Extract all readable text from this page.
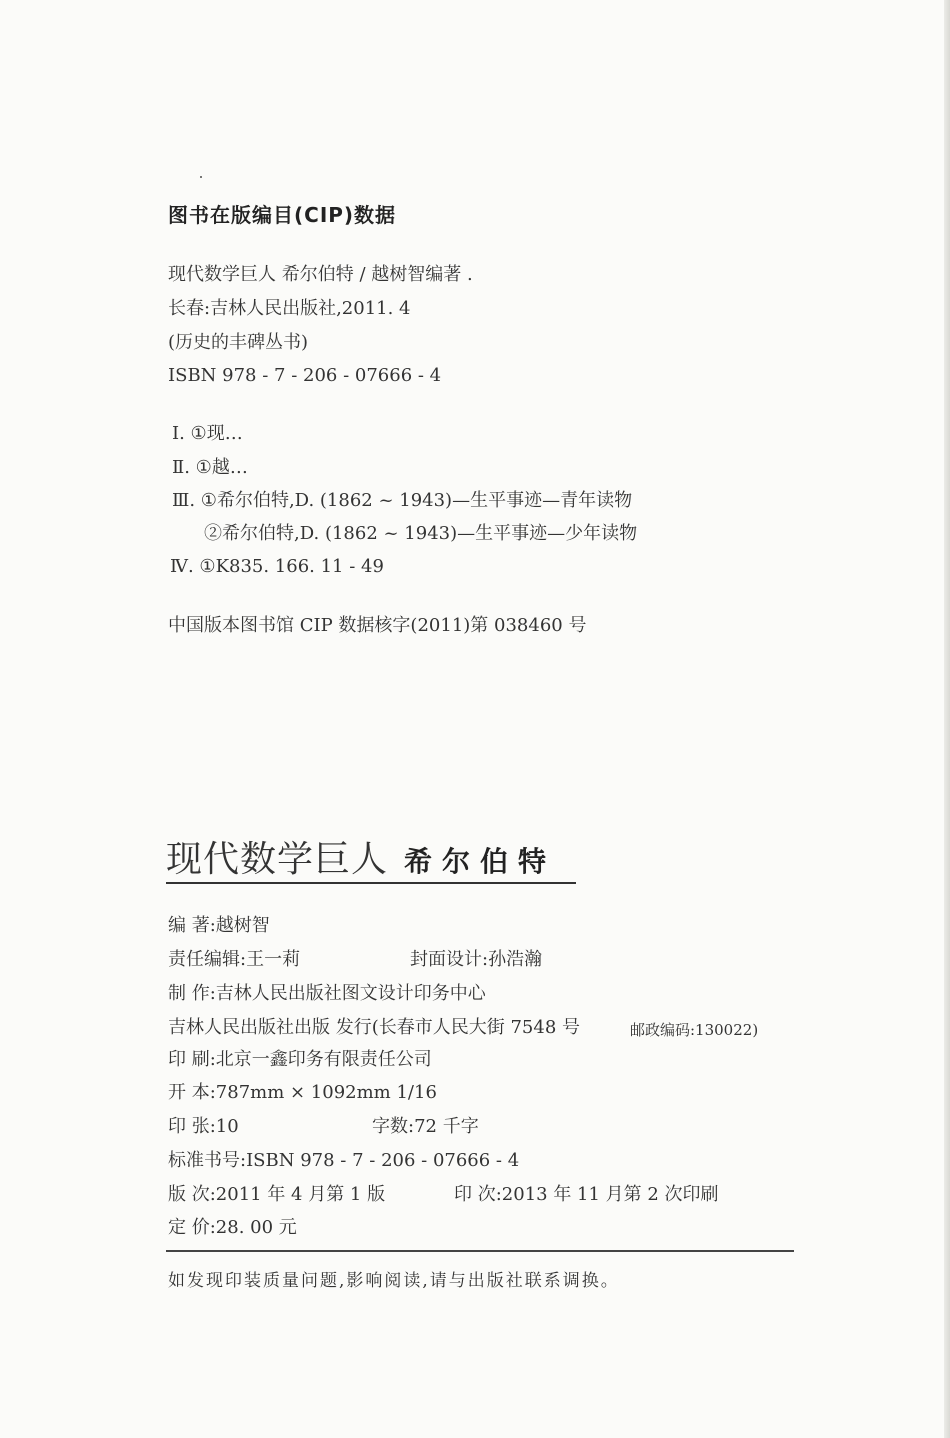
图书在版编目(CIP)数据
现代数学巨人 希尔伯特 / 越树智编著 .
长春:吉林人民出版社,2011. 4
(历史的丰碑丛书)
ISBN 978 - 7 - 206 - 07666 - 4
Ⅰ. ①现…
Ⅱ. ①越…
Ⅲ. ①希尔伯特,D. (1862 ~ 1943)—生平事迹—青年读物
②希尔伯特,D. (1862 ~ 1943)—生平事迹—少年读物
Ⅳ. ①K835. 166. 11 - 49
中国版本图书馆 CIP 数据核字(2011)第 038460 号
现代数学巨人 希尔伯特
编 著:越树智
责任编辑:王一莉	封面设计:孙浩瀚
制 作:吉林人民出版社图文设计印务中心
吉林人民出版社出版 发行(长春市人民大街 7548 号	邮政编码:130022)
印 刷:北京一鑫印务有限责任公司
开 本:787mm × 1092mm 1/16
印 张:10	字数:72 千字
标准书号:ISBN 978 - 7 - 206 - 07666 - 4
版 次:2011 年 4 月第 1 版	印 次:2013 年 11 月第 2 次印刷
定 价:28. 00 元
如发现印装质量问题,影响阅读,请与出版社联系调换。
